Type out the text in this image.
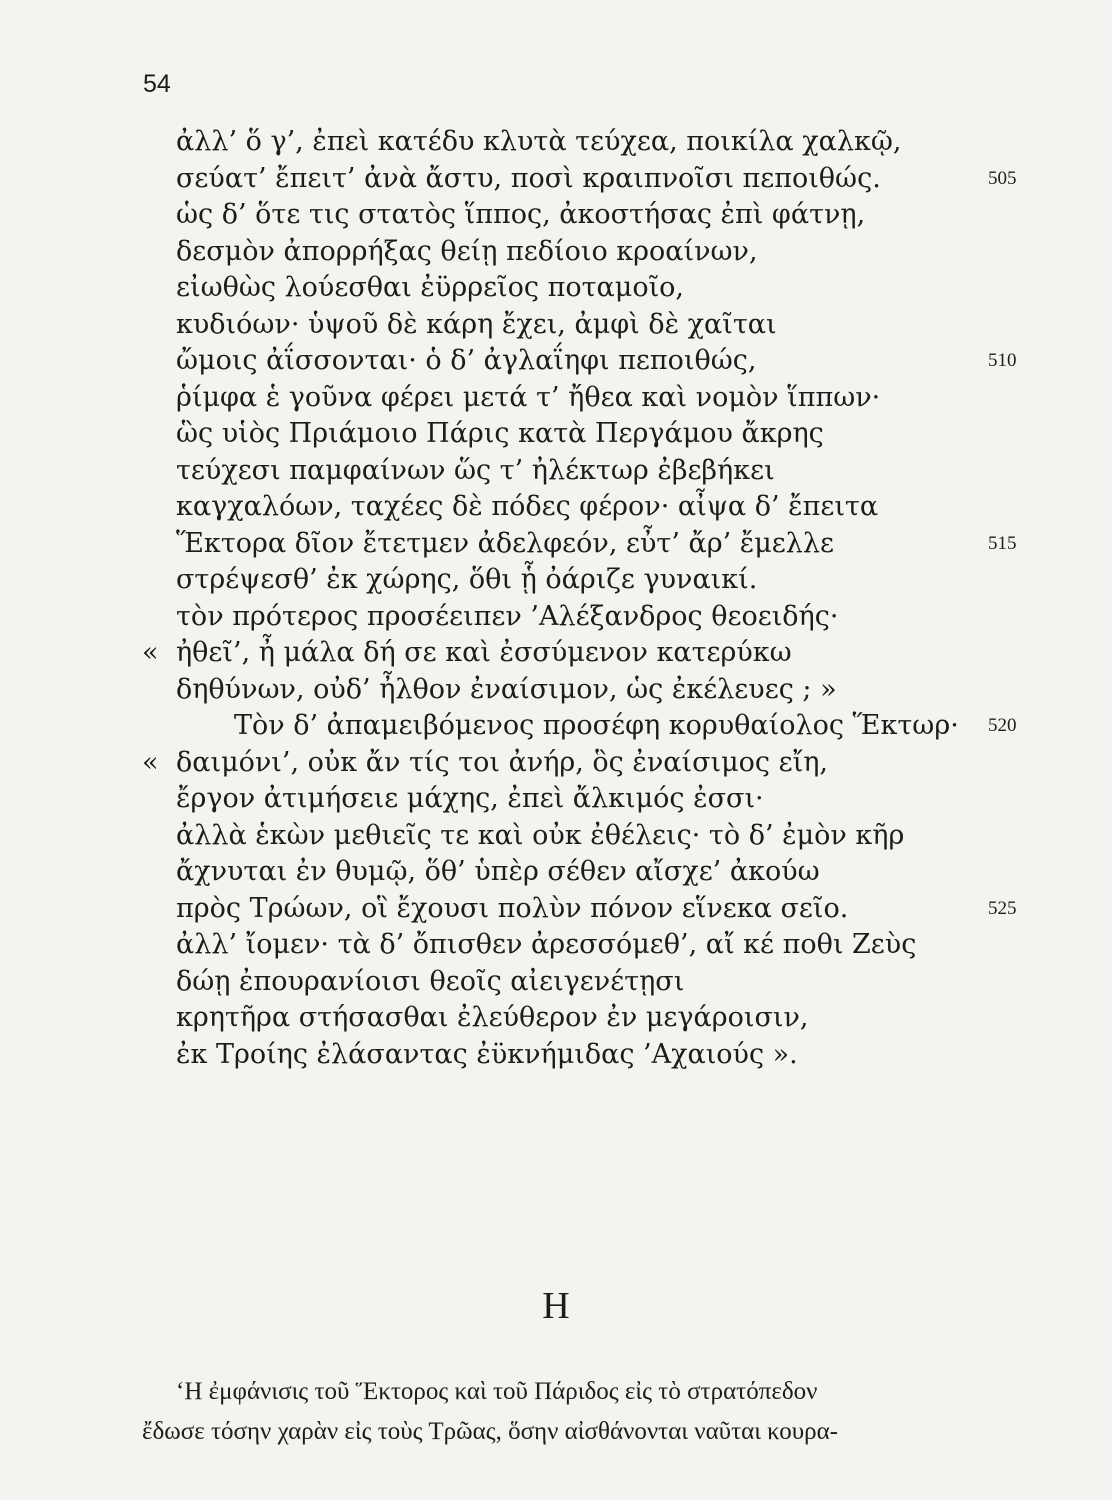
54
ἀλλ’ ὅ γ’, ἐπεὶ κατέδυ κλυτὰ τεύχεα, ποικίλα χαλκῷ,
σεύατ’ ἔπειτ’ ἀνὰ ἄστυ, ποσὶ κραιπνοῖσι πεποιθώς.	505
ὡς δ’ ὅτε τις στατὸς ἵππος, ἀκοστήσας ἐπὶ φάτνῃ,
δεσμὸν ἀπορρήξας θείῃ πεδίοιο κροαίνων,
εἰωθὼς λούεσθαι ἐϋρρεῖος ποταμοῖο,
κυδιόων· ὑψοῦ δὲ κάρη ἔχει, ἀμφὶ δὲ χαῖται
ὤμοις ἀΐσσονται· ὁ δ’ ἀγλαΐηφι πεποιθώς,	510
ῥίμφα ἑ γοῦνα φέρει μετά τ’ ἤθεα καὶ νομὸν ἵππων·
ὣς υἱὸς Πριάμοιο Πάρις κατὰ Περγάμου ἄκρης
τεύχεσι παμφαίνων ὥς τ’ ἠλέκτωρ ἐβεβήκει
καγχαλόων, ταχέες δὲ πόδες φέρον· αἶψα δ’ ἔπειτα
Ἕκτορα δῖον ἔτετμεν ἀδελφεόν, εὖτ’ ἄρ’ ἔμελλε	515
στρέψεσθ’ ἐκ χώρης, ὅθι ᾗ ὀάριζε γυναικί.
τὸν πρότερος προσέειπεν ’Αλέξανδρος θεοειδής·
« ἠθεῖ’, ἦ μάλα δή σε καὶ ἐσσύμενον κατερύκω
δηθύνων, οὐδ’ ἦλθον ἐναίσιμον, ὡς ἐκέλευες ; »
Τὸν δ’ ἀπαμειβόμενος προσέφη κορυθαίολος Ἕκτωρ· 520
« δαιμόνι’, οὐκ ἄν τίς τοι ἀνήρ, ὃς ἐναίσιμος εἴη,
ἔργον ἀτιμήσειε μάχης, ἐπεὶ ἄλκιμός ἐσσι·
ἀλλὰ ἑκὼν μεθιεῖς τε καὶ οὐκ ἐθέλεις· τὸ δ’ ἐμὸν κῆρ
ἄχνυται ἐν θυμῷ, ὅθ’ ὑπὲρ σέθεν αἴσχε’ ἀκούω
πρὸς Τρώων, οἳ ἔχουσι πολὺν πόνον εἵνεκα σεῖο.	525
ἀλλ’ ἴομεν· τὰ δ’ ὄπισθεν ἀρεσσόμεθ’, αἴ κέ ποθι Ζεὺς
δώῃ ἐπουρανίοισι θεοῖς αἰειγενέτῃσι
κρητῆρα στήσασθαι ἐλεύθερον ἐν μεγάροισιν,
ἐκ Τροίης ἐλάσαντας ἐϋκνήμιδας ’Αχαιούς ».
Η
‘Η ἐμφάνισις τοῦ Ἕκτορος καὶ τοῦ Πάριδος εἰς τὸ στρατόπεδον
ἔδωσε τόσην χαρὰν εἰς τοὺς Τρῶας, ὅσην αἰσθάνονται ναῦται κουρα-
